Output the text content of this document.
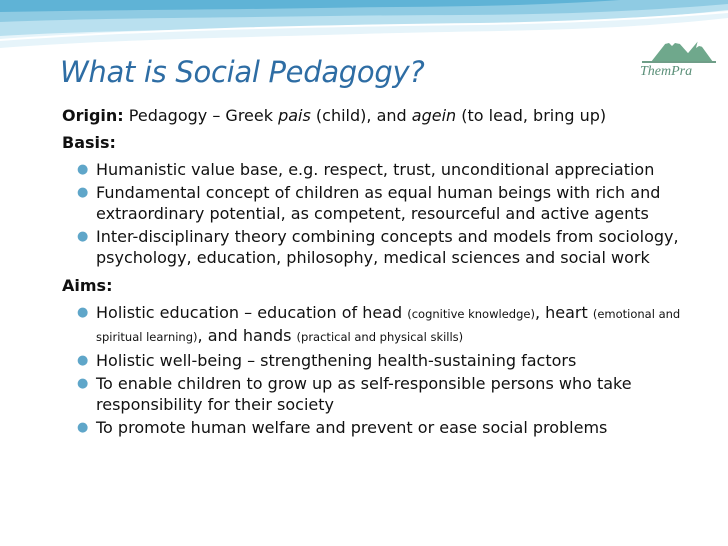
ThemPra
What is Social Pedagogy?

Origin: Pedagogy – Greek pais (child), and agein (to lead, bring up)

Basis:

● Humanistic value base, e.g. respect, trust, unconditional appreciation
● Fundamental concept of children as equal human beings with rich and extraordinary potential, as competent, resourceful and active agents
● Inter-disciplinary theory combining concepts and models from sociology, psychology, education, philosophy, medical sciences and social work

Aims:

● Holistic education – education of head (cognitive knowledge), heart (emotional and spiritual learning), and hands (practical and physical skills)
● Holistic well-being – strengthening health-sustaining factors
● To enable children to grow up as self-responsible persons who take responsibility for their society
● To promote human welfare and prevent or ease social problems
